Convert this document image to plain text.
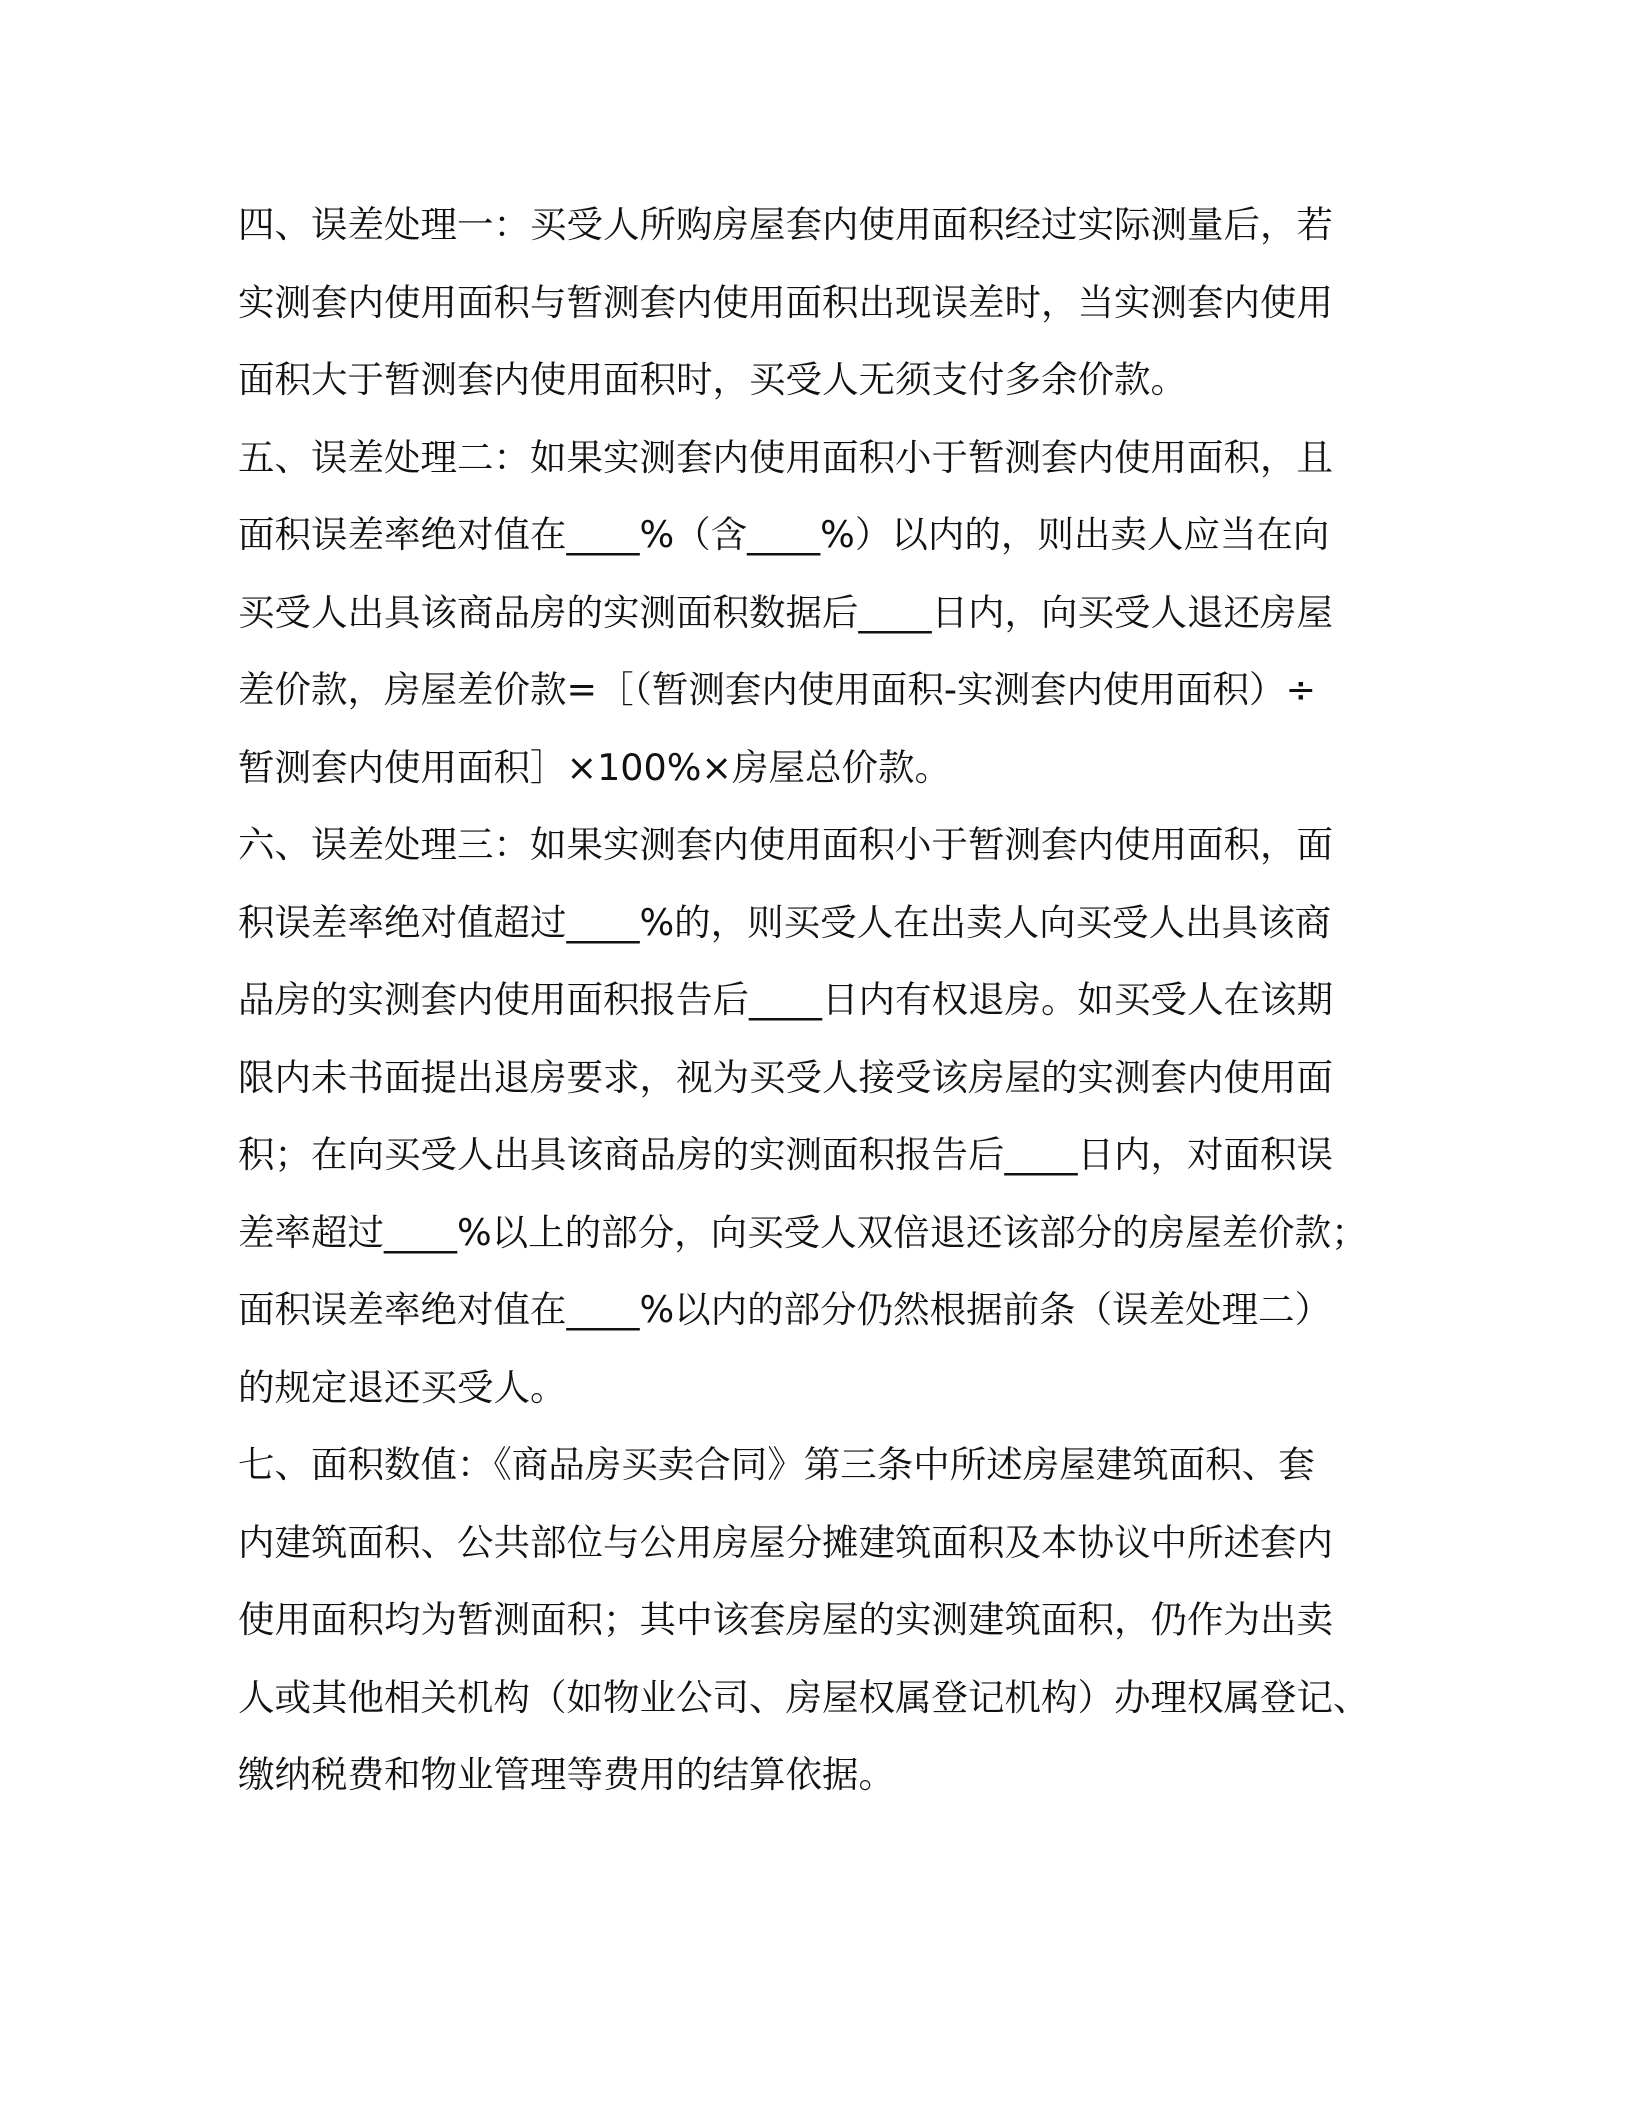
四、误差处理一：买受人所购房屋套内使用面积经过实际测量后，若
实测套内使用面积与暂测套内使用面积出现误差时，当实测套内使用
面积大于暂测套内使用面积时，买受人无须支付多余价款。
五、误差处理二：如果实测套内使用面积小于暂测套内使用面积，且
面积误差率绝对值在____%（含____%）以内的，则出卖人应当在向
买受人出具该商品房的实测面积数据后____日内，向买受人退还房屋
差价款，房屋差价款=［（暂测套内使用面积-实测套内使用面积）÷
暂测套内使用面积］×100%×房屋总价款。
六、误差处理三：如果实测套内使用面积小于暂测套内使用面积，面
积误差率绝对值超过____%的，则买受人在出卖人向买受人出具该商
品房的实测套内使用面积报告后____日内有权退房。如买受人在该期
限内未书面提出退房要求，视为买受人接受该房屋的实测套内使用面
积；在向买受人出具该商品房的实测面积报告后____日内，对面积误
差率超过____%以上的部分，向买受人双倍退还该部分的房屋差价款；
面积误差率绝对值在____%以内的部分仍然根据前条（误差处理二）
的规定退还买受人。
七、面积数值：《商品房买卖合同》第三条中所述房屋建筑面积、套
内建筑面积、公共部位与公用房屋分摊建筑面积及本协议中所述套内
使用面积均为暂测面积；其中该套房屋的实测建筑面积，仍作为出卖
人或其他相关机构（如物业公司、房屋权属登记机构）办理权属登记、
缴纳税费和物业管理等费用的结算依据。
